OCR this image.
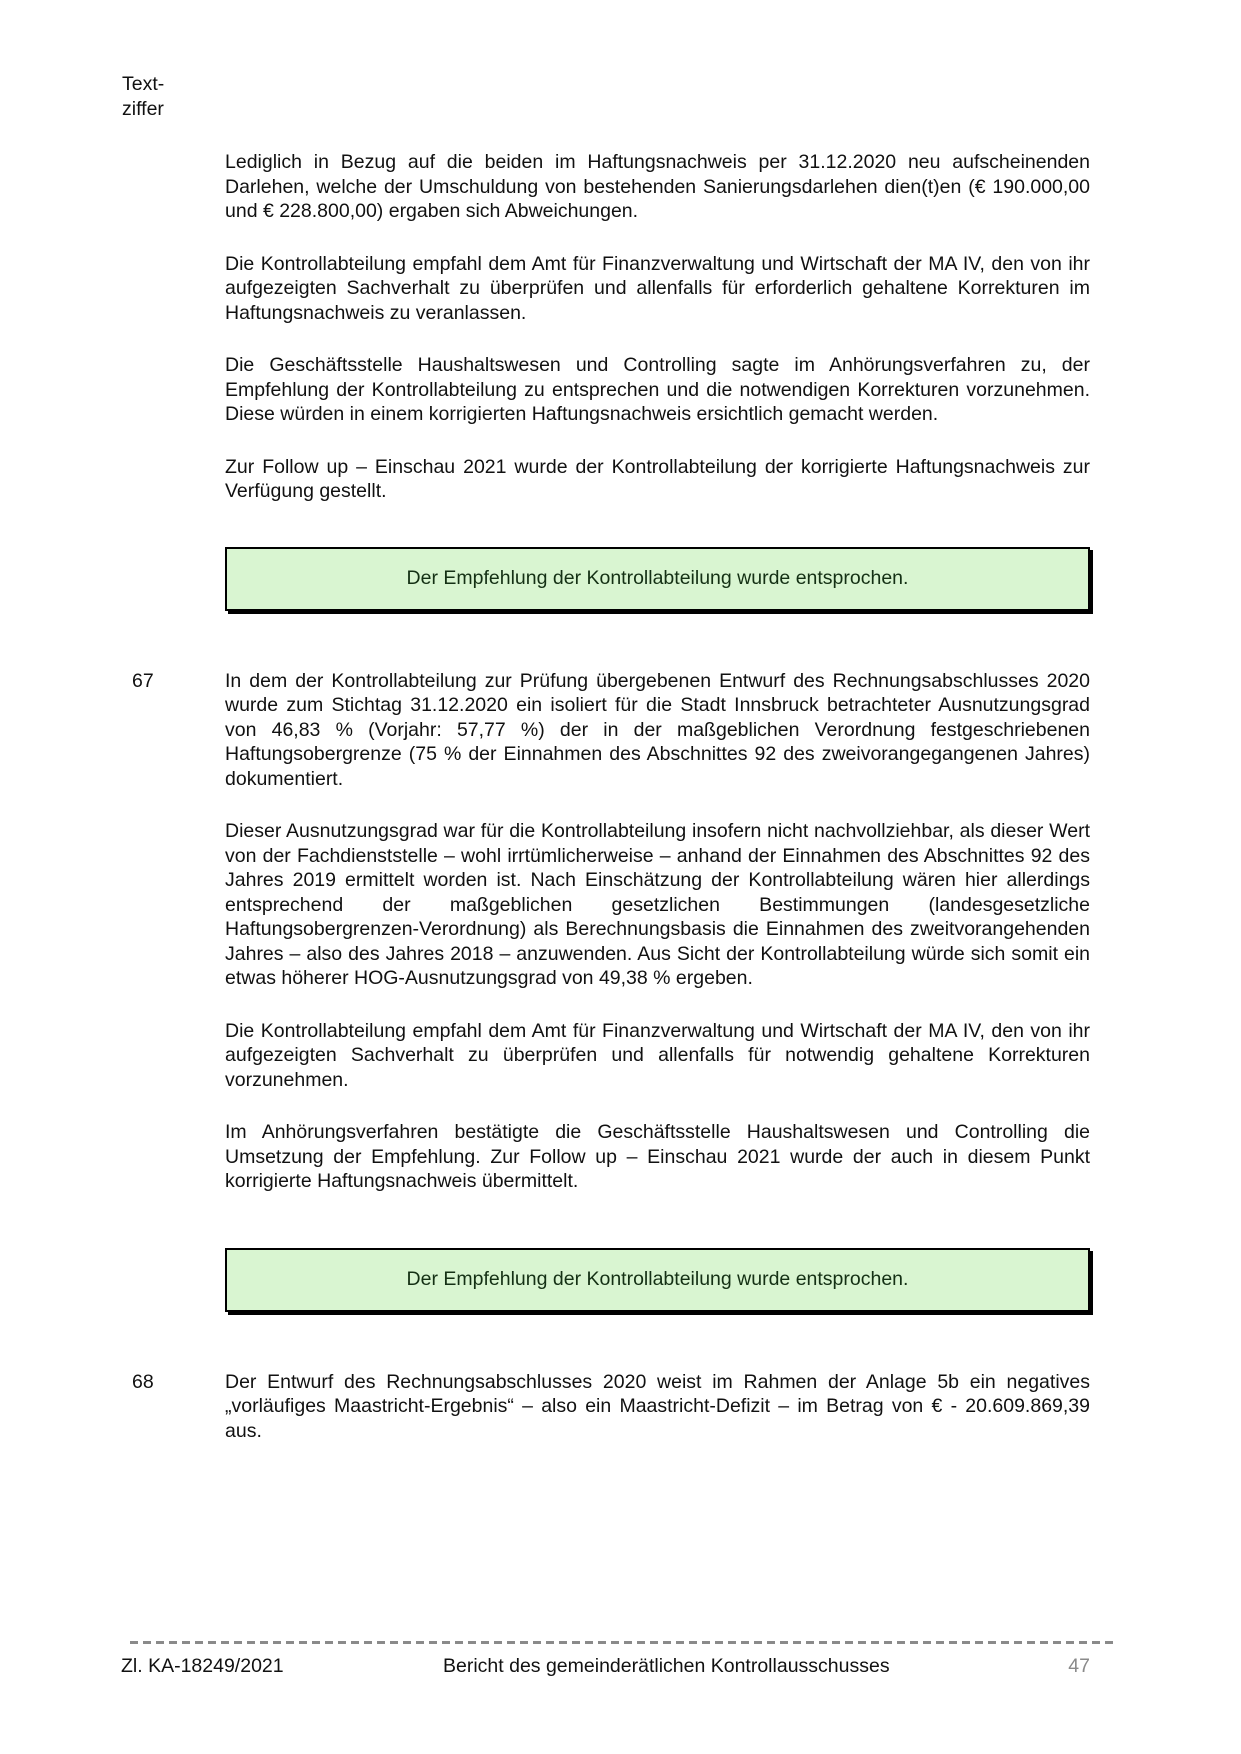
Text-
ziffer

Lediglich in Bezug auf die beiden im Haftungsnachweis per 31.12.2020 neu aufscheinenden Darlehen, welche der Umschuldung von bestehenden Sanierungsdarlehen dien(t)en (€ 190.000,00 und € 228.800,00) ergaben sich Abweichungen.

Die Kontrollabteilung empfahl dem Amt für Finanzverwaltung und Wirtschaft der MA IV, den von ihr aufgezeigten Sachverhalt zu überprüfen und allenfalls für erforderlich gehaltene Korrekturen im Haftungsnachweis zu veranlassen.

Die Geschäftsstelle Haushaltswesen und Controlling sagte im Anhörungsverfahren zu, der Empfehlung der Kontrollabteilung zu entsprechen und die notwendigen Korrekturen vorzunehmen. Diese würden in einem korrigierten Haftungsnachweis ersichtlich gemacht werden.

Zur Follow up – Einschau 2021 wurde der Kontrollabteilung der korrigierte Haftungsnachweis zur Verfügung gestellt.

Der Empfehlung der Kontrollabteilung wurde entsprochen.
67	In dem der Kontrollabteilung zur Prüfung übergebenen Entwurf des Rechnungsabschlusses 2020 wurde zum Stichtag 31.12.2020 ein isoliert für die Stadt Innsbruck betrachteter Ausnutzungsgrad von 46,83 % (Vorjahr: 57,77 %) der in der maßgeblichen Verordnung festgeschriebenen Haftungsobergrenze (75 % der Einnahmen des Abschnittes 92 des zweivorangegangenen Jahres) dokumentiert.

Dieser Ausnutzungsgrad war für die Kontrollabteilung insofern nicht nachvollziehbar, als dieser Wert von der Fachdienststelle – wohl irrtümlicherweise – anhand der Einnahmen des Abschnittes 92 des Jahres 2019 ermittelt worden ist. Nach Einschätzung der Kontrollabteilung wären hier allerdings entsprechend der maßgeblichen gesetzlichen Bestimmungen (landesgesetzliche Haftungsobergrenzen-Verordnung) als Berechnungsbasis die Einnahmen des zweitvorangehenden Jahres – also des Jahres 2018 – anzuwenden. Aus Sicht der Kontrollabteilung würde sich somit ein etwas höherer HOG-Ausnutzungsgrad von 49,38 % ergeben.

Die Kontrollabteilung empfahl dem Amt für Finanzverwaltung und Wirtschaft der MA IV, den von ihr aufgezeigten Sachverhalt zu überprüfen und allenfalls für notwendig gehaltene Korrekturen vorzunehmen.

Im Anhörungsverfahren bestätigte die Geschäftsstelle Haushaltswesen und Controlling die Umsetzung der Empfehlung. Zur Follow up – Einschau 2021 wurde der auch in diesem Punkt korrigierte Haftungsnachweis übermittelt.

Der Empfehlung der Kontrollabteilung wurde entsprochen.
68	Der Entwurf des Rechnungsabschlusses 2020 weist im Rahmen der Anlage 5b ein negatives „vorläufiges Maastricht-Ergebnis“ – also ein Maastricht-Defizit – im Betrag von € - 20.609.869,39 aus.

Zl. KA-18249/2021	Bericht des gemeinderätlichen Kontrollausschusses	47
